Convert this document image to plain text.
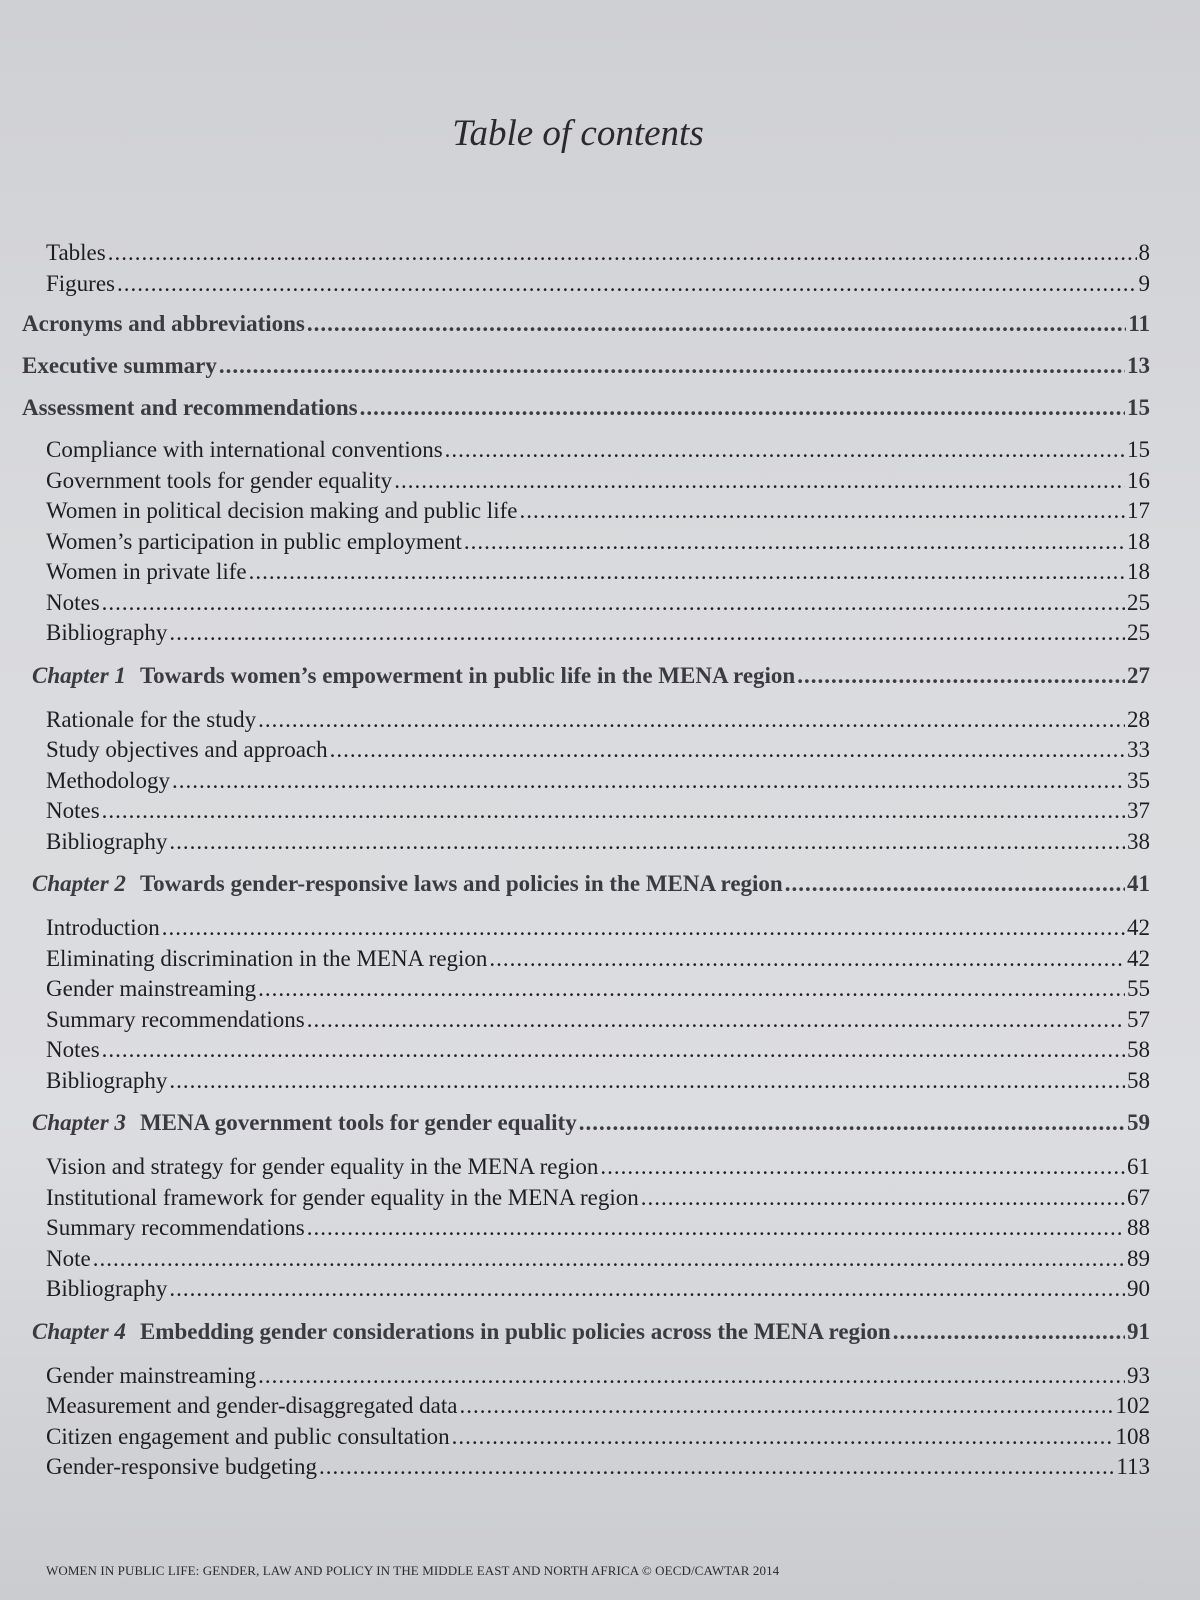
Table of contents
Tables .....	8
Figures .....	9
Acronyms and abbreviations .....	11
Executive summary .....	13
Assessment and recommendations .....	15
Compliance with international conventions .....	15
Government tools for gender equality .....	16
Women in political decision making and public life .....	17
Women’s participation in public employment .....	18
Women in private life .....	18
Notes .....	25
Bibliography .....	25
Chapter 1 Towards women’s empowerment in public life in the MENA region .....	27
Rationale for the study .....	28
Study objectives and approach .....	33
Methodology .....	35
Notes .....	37
Bibliography .....	38
Chapter 2 Towards gender-responsive laws and policies in the MENA region .....	41
Introduction .....	42
Eliminating discrimination in the MENA region .....	42
Gender mainstreaming .....	55
Summary recommendations .....	57
Notes .....	58
Bibliography .....	58
Chapter 3 MENA government tools for gender equality .....	59
Vision and strategy for gender equality in the MENA region .....	61
Institutional framework for gender equality in the MENA region .....	67
Summary recommendations .....	88
Note .....	89
Bibliography .....	90
Chapter 4 Embedding gender considerations in public policies across the MENA region .....	91
Gender mainstreaming .....	93
Measurement and gender-disaggregated data .....	102
Citizen engagement and public consultation .....	108
Gender-responsive budgeting .....	113
WOMEN IN PUBLIC LIFE: GENDER, LAW AND POLICY IN THE MIDDLE EAST AND NORTH AFRICA © OECD/CAWTAR 2014
